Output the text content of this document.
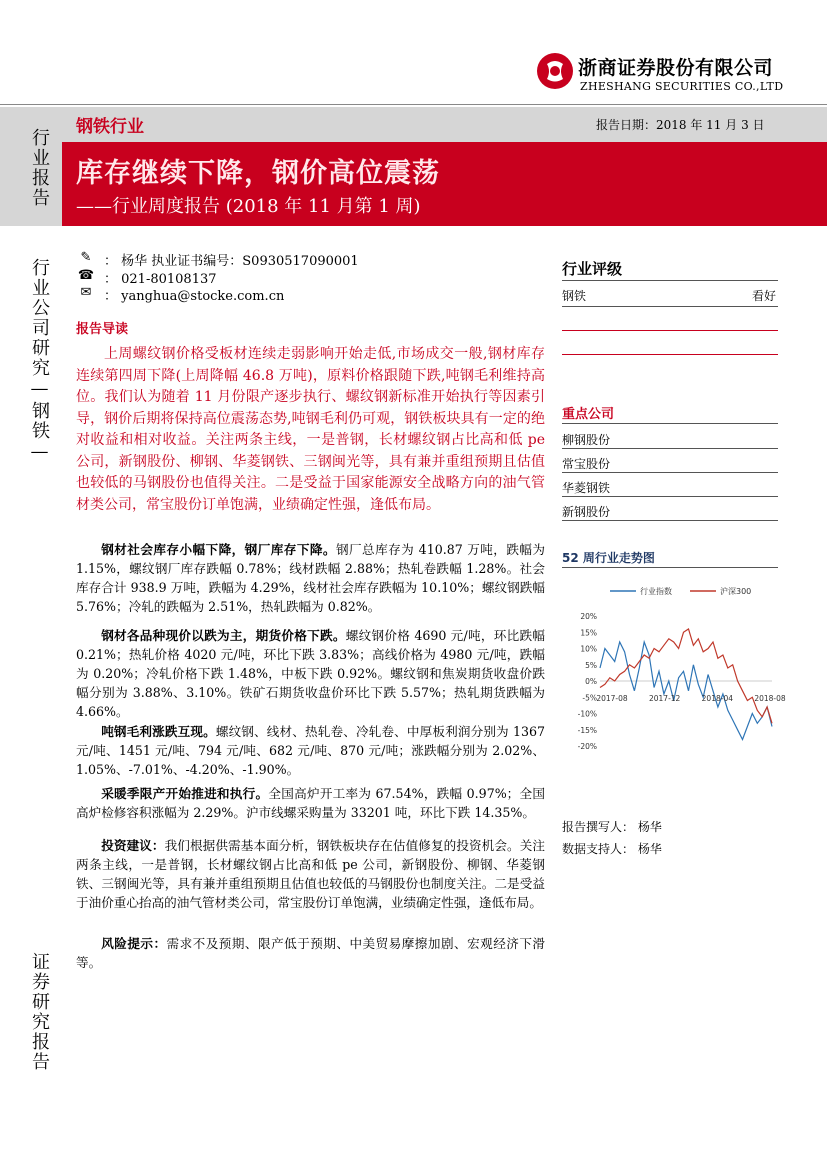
浙商证券股份有限公司
ZHESHANG SECURITIES CO.,LTD
钢铁行业	报告日期：2018 年 11 月 3 日
库存继续下降，钢价高位震荡
——行业周度报告 (2018 年 11 月第 1 周)
行业报告
行业公司研究—钢铁—
证券研究报告
✎ ： 杨华 执业证书编号：S0930517090001
☎ ： 021-80108137
✉ ： yanghua@stocke.com.cn
报告导读
上周螺纹钢价格受板材连续走弱影响开始走低,市场成交一般,钢材库存连续第四周下降(上周降幅 46.8 万吨)，原料价格跟随下跌,吨钢毛利维持高位。我们认为随着 11 月份限产逐步执行、螺纹钢新标准开始执行等因素引导，钢价后期将保持高位震荡态势,吨钢毛利仍可观，钢铁板块具有一定的绝对收益和相对收益。关注两条主线，一是普钢，长材螺纹钢占比高和低 pe 公司，新钢股份、柳钢、华菱钢铁、三钢闽光等，具有兼并重组预期且估值也较低的马钢股份也值得关注。二是受益于国家能源安全战略方向的油气管材类公司，常宝股份订单饱满，业绩确定性强，逢低布局。
钢材社会库存小幅下降，钢厂库存下降。钢厂总库存为 410.87 万吨，跌幅为 1.15%，螺纹钢厂库存跌幅 0.78%；线材跌幅 2.88%；热轧卷跌幅 1.28%。社会库存合计 938.9 万吨，跌幅为 4.29%，线材社会库存跌幅为 10.10%；螺纹钢跌幅 5.76%；冷轧的跌幅为 2.51%，热轧跌幅为 0.82%。
钢材各品种现价以跌为主，期货价格下跌。螺纹钢价格 4690 元/吨，环比跌幅 0.21%；热轧价格 4020 元/吨，环比下跌 3.83%；高线价格为 4980 元/吨，跌幅为 0.20%；冷轧价格下跌 1.48%，中板下跌 0.92%。螺纹钢和焦炭期货收盘价跌幅分别为 3.88%、3.10%。铁矿石期货收盘价环比下跌 5.57%；热轧期货跌幅为 4.66%。
吨钢毛利涨跌互现。螺纹钢、线材、热轧卷、冷轧卷、中厚板利润分别为 1367 元/吨、1451 元/吨、794 元/吨、682 元/吨、870 元/吨；涨跌幅分别为 2.02%、1.05%、-7.01%、-4.20%、-1.90%。
采暖季限产开始推进和执行。全国高炉开工率为 67.54%，跌幅 0.97%；全国高炉检修容积涨幅为 2.29%。沪市线螺采购量为 33201 吨，环比下跌 14.35%。
投资建议：我们根据供需基本面分析，钢铁板块存在估值修复的投资机会。关注两条主线，一是普钢，长材螺纹钢占比高和低 pe 公司，新钢股份、柳钢、华菱钢铁、三钢闽光等，具有兼并重组预期且估值也较低的马钢股份也制度关注。二是受益于油价重心抬高的油气管材类公司，常宝股份订单饱满，业绩确定性强，逢低布局。
风险提示：需求不及预期、限产低于预期、中美贸易摩擦加剧、宏观经济下滑等。
行业评级
钢铁	看好
重点公司
柳钢股份
常宝股份
华菱钢铁
新钢股份
52 周行业走势图
行业指数	沪深300
20%
15%
10%
5%
0%
-5%
-10%
-15%
-20%
2017-08	2017-12	2018-04	2018-08
报告撰写人： 杨华
数据支持人： 杨华
